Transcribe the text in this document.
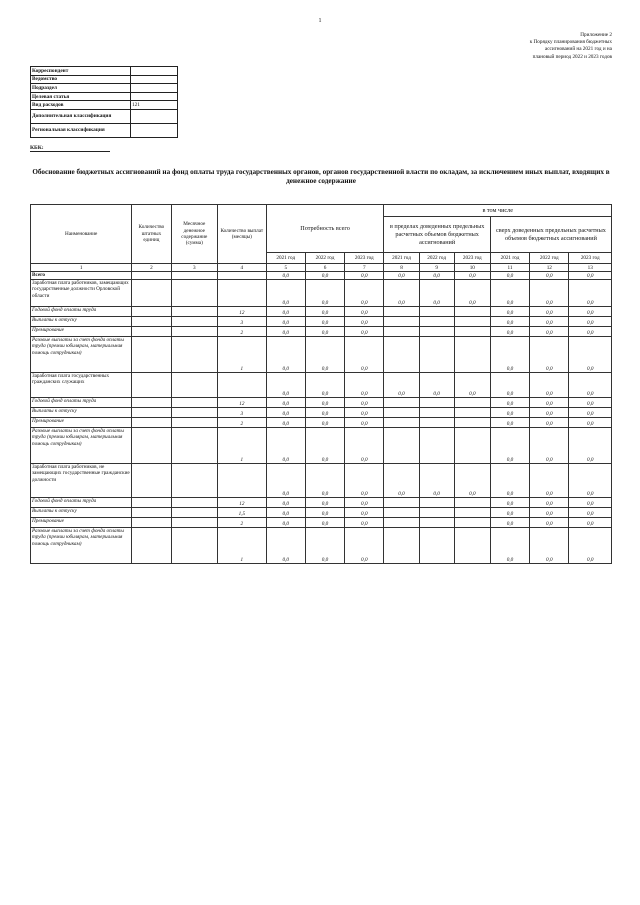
1
Приложение 2
к Порядку планирования бюджетных
ассигнований на 2021 год и на
плановый период 2022 и 2023 годов
Корреспондент	
Ведомство	
Подраздел	
Целевая статья	
Вид расходов	121
Дополнительная классификация	
Региональная классификация	
КБК:
Обоснование бюджетных ассигнований на фонд оплаты труда государственных органов, органов государственной власти по окладам, за исключением иных выплат, входящих в денежное содержание
Наименование	Количество штатных единиц	Месячное денежное содержание (сумма)	Количество выплат (месяцы)	Потребность всего			в том числе					
							в пределах доведенных предельных расчетных объемов бюджетных ассигнований			сверх доведенных предельных расчетных объемов бюджетных ассигнований		
				2021 год	2022 год	2023 год	2021 год	2022 год	2023 год	2021 год	2022 год	2023 год
1	2	3	4	5	6	7	8	9	10	11	12	13
Всего				0,0	0,0	0,0	0,0	0,0	0,0	0,0	0,0	0,0
Заработная плата работников, замещающих государственные должности Орловской области				0,0	0,0	0,0	0,0	0,0	0,0	0,0	0,0	0,0
Годовой фонд оплаты труда			12	0,0	0,0	0,0				0,0	0,0	0,0
Выплаты к отпуску			3	0,0	0,0	0,0				0,0	0,0	0,0
Премирование			2	0,0	0,0	0,0				0,0	0,0	0,0
Разовые выплаты за счет фонда оплаты труда (премии юбилярам, материальная помощь сотрудникам)			1	0,0	0,0	0,0				0,0	0,0	0,0
Заработная плата государственных гражданских служащих				0,0	0,0	0,0	0,0	0,0	0,0	0,0	0,0	0,0
Годовой фонд оплаты труда			12	0,0	0,0	0,0				0,0	0,0	0,0
Выплаты к отпуску			3	0,0	0,0	0,0				0,0	0,0	0,0
Премирование			2	0,0	0,0	0,0				0,0	0,0	0,0
Разовые выплаты за счет фонда оплаты труда (премии юбилярам, материальная помощь сотрудникам)			1	0,0	0,0	0,0				0,0	0,0	0,0
Заработная плата работников, не замещающих государственные гражданские должности				0,0	0,0	0,0	0,0	0,0	0,0	0,0	0,0	0,0
Годовой фонд оплаты труда			12	0,0	0,0	0,0				0,0	0,0	0,0
Выплаты к отпуску			1,5	0,0	0,0	0,0				0,0	0,0	0,0
Премирование			2	0,0	0,0	0,0				0,0	0,0	0,0
Разовые выплаты за счет фонда оплаты труда (премии юбилярам, материальная помощь сотрудникам)			1	0,0	0,0	0,0				0,0	0,0	0,0
